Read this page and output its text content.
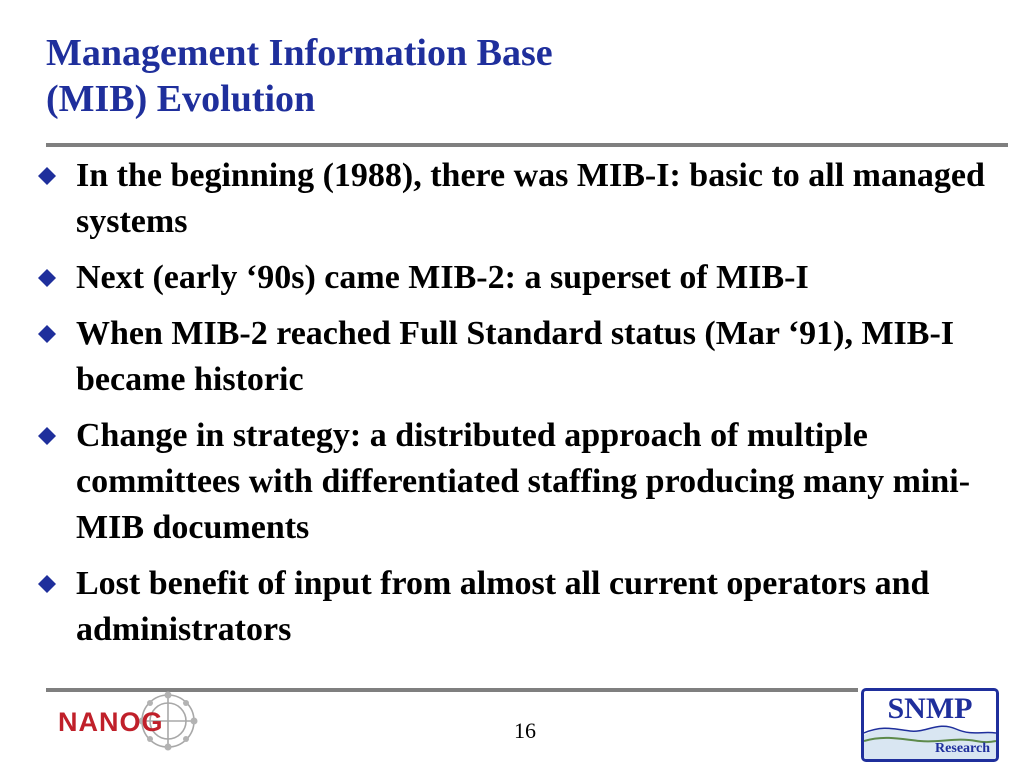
Management Information Base
(MIB) Evolution
In the beginning (1988), there was MIB-I: basic to all managed systems
Next (early ‘90s) came MIB-2: a superset of MIB-I
When MIB-2 reached Full Standard status (Mar ‘91), MIB-I became historic
Change in strategy: a distributed approach of multiple committees with differentiated staffing producing many mini-MIB documents
Lost benefit of input from almost all current operators and administrators
NANOG	16
SNMP
Research
